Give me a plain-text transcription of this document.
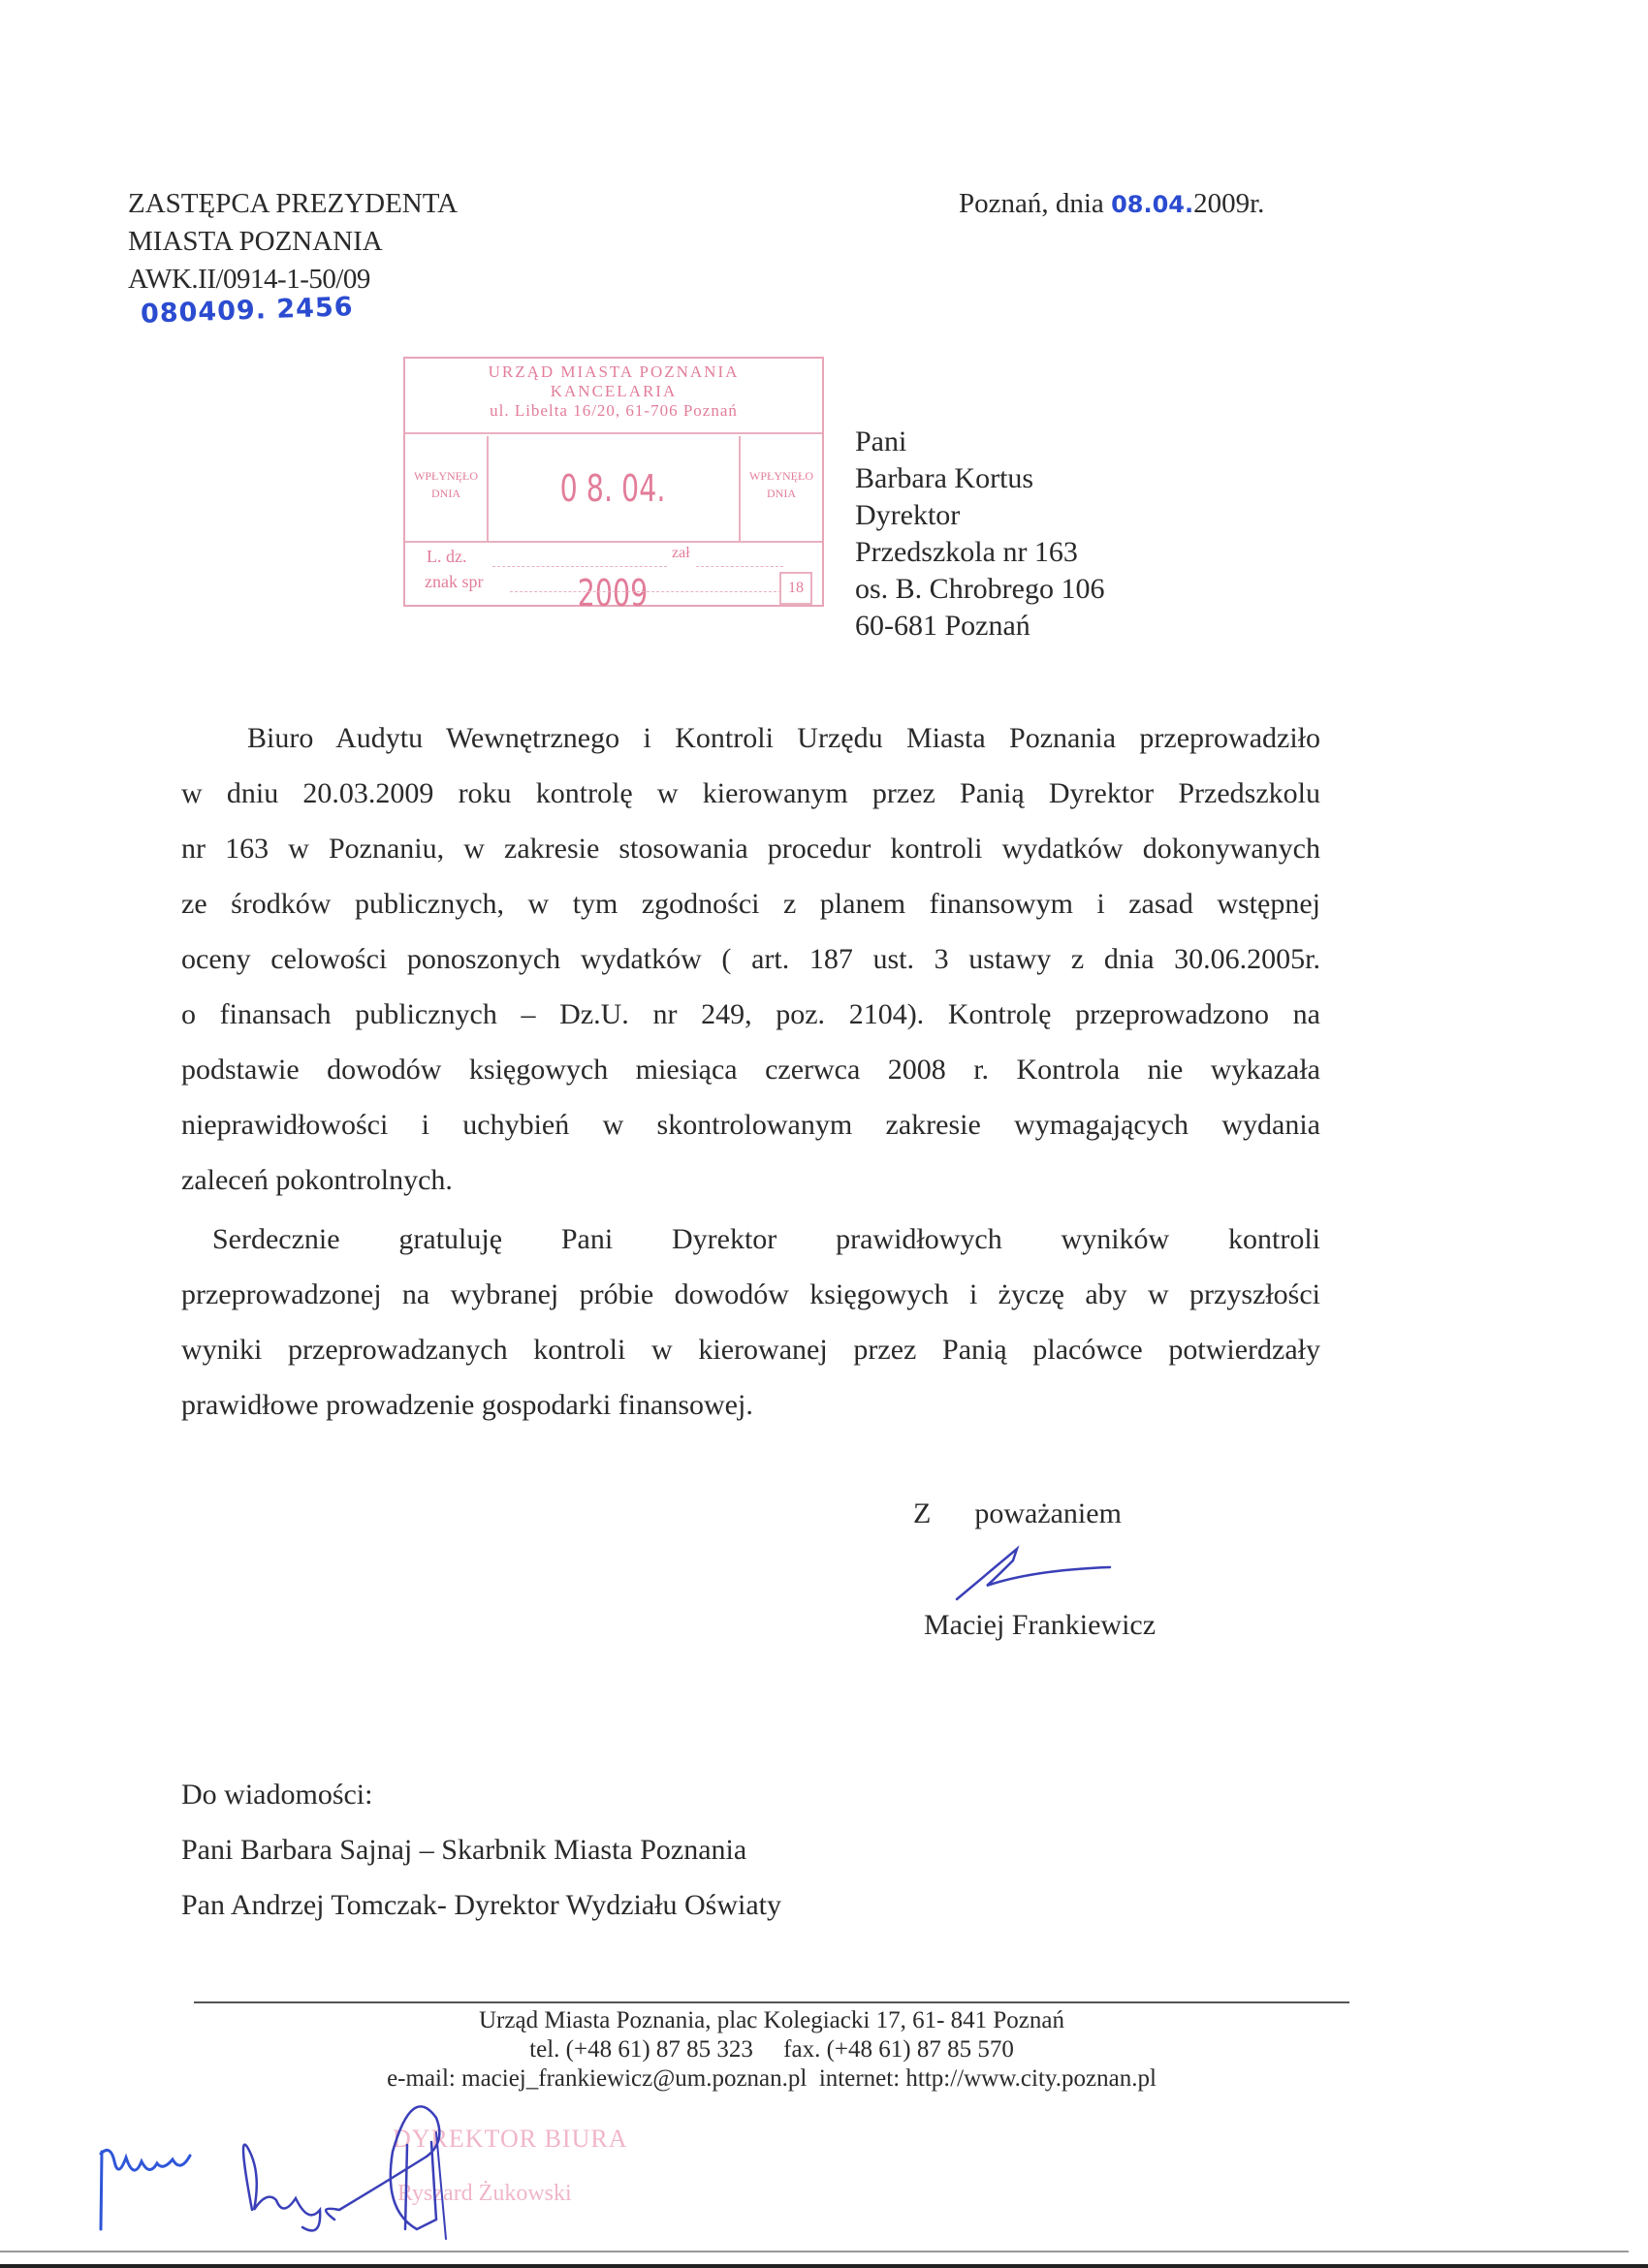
ZASTĘPCA PREZYDENTA
MIASTA POZNANIA
AWK.II/0914-1-50/09
080409. 2456
Poznań, dnia 08.04.2009r.
URZĄD MIASTA POZNANIA
KANCELARIA
ul. Libelta 16/20, 61-706 Poznań
WPŁYNĘŁO
DNIA	0 8. 04. 2009
WPŁYNĘŁO
DNIA
L. dz.	zał
znak spr	18
Pani
Barbara Kortus
Dyrektor
Przedszkola nr 163
os. B. Chrobrego 106
60-681 Poznań
Biuro Audytu Wewnętrznego i Kontroli Urzędu Miasta Poznania przeprowadziło
w dniu 20.03.2009 roku kontrolę w kierowanym przez Panią Dyrektor Przedszkolu
nr 163 w Poznaniu, w zakresie stosowania procedur kontroli wydatków dokonywanych
ze środków publicznych, w tym zgodności z planem finansowym i zasad wstępnej
oceny celowości ponoszonych wydatków ( art. 187 ust. 3 ustawy z dnia 30.06.2005r.
o finansach publicznych – Dz.U. nr 249, poz. 2104). Kontrolę przeprowadzono na
podstawie dowodów księgowych miesiąca czerwca 2008 r. Kontrola nie wykazała
nieprawidłowości i uchybień w skontrolowanym zakresie wymagających wydania
zaleceń pokontrolnych.
Serdecznie gratuluję Pani Dyrektor prawidłowych wyników kontroli
przeprowadzonej na wybranej próbie dowodów księgowych i życzę aby w przyszłości
wyniki przeprowadzanych kontroli w kierowanej przez Panią placówce potwierdzały
prawidłowe prowadzenie gospodarki finansowej.
Z      poważaniem
Maciej Frankiewicz
Do wiadomości:
Pani Barbara Sajnaj – Skarbnik Miasta Poznania
Pan Andrzej Tomczak- Dyrektor Wydziału Oświaty
Urząd Miasta Poznania, plac Kolegiacki 17, 61- 841 Poznań
tel. (+48 61) 87 85 323     fax. (+48 61) 87 85 570
e-mail: maciej_frankiewicz@um.poznan.pl  internet: http://www.city.poznan.pl
DYREKTOR BIURA
Ryszard Żukowski
